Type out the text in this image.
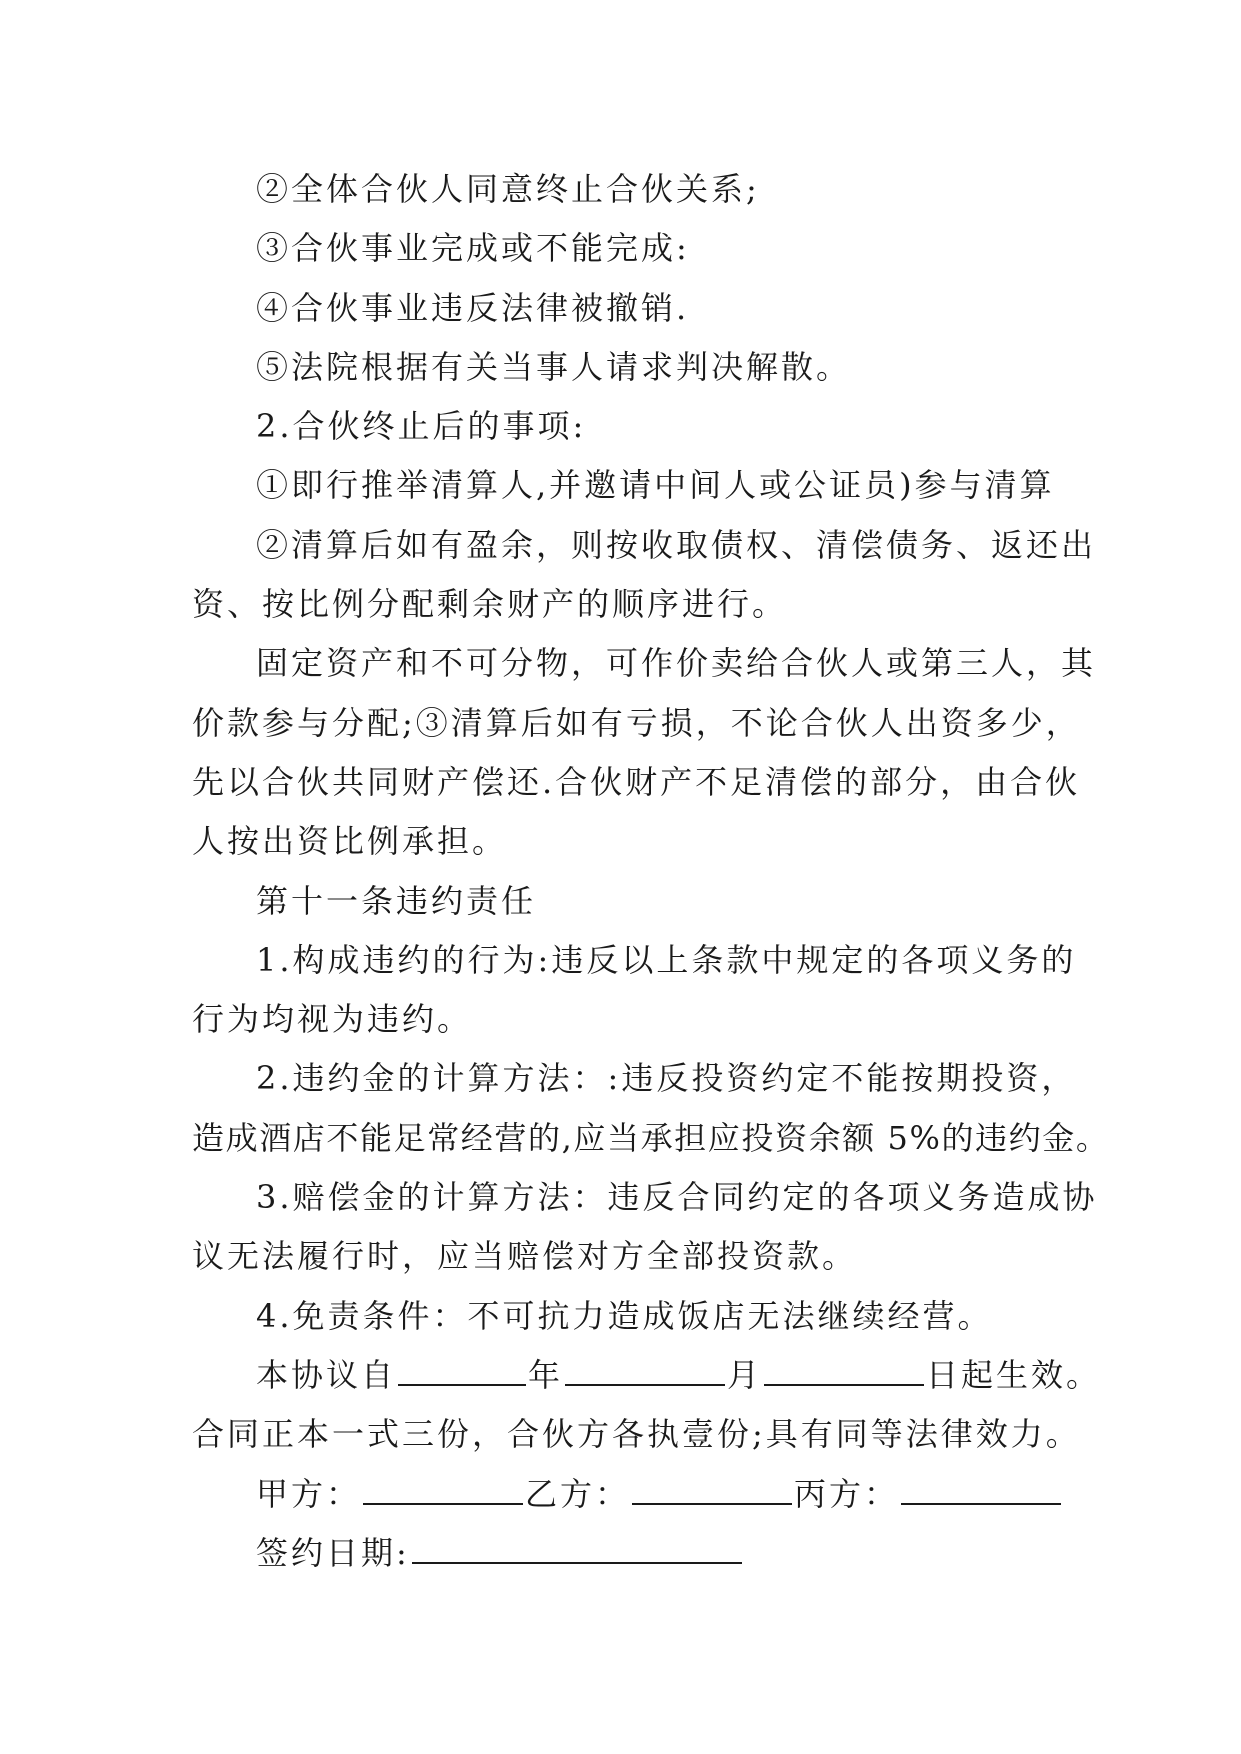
②全体合伙人同意终止合伙关系;
③合伙事业完成或不能完成:
④合伙事业违反法律被撤销.
⑤法院根据有关当事人请求判决解散。
2.合伙终止后的事项:
①即行推举清算人,并邀请中间人或公证员)参与清算
②清算后如有盈余，则按收取债权、清偿债务、返还出
资、按比例分配剩余财产的顺序进行。
固定资产和不可分物，可作价卖给合伙人或第三人，其
价款参与分配;③清算后如有亏损，不论合伙人出资多少，
先以合伙共同财产偿还.合伙财产不足清偿的部分，由合伙
人按出资比例承担。
第十一条违约责任
1.构成违约的行为:违反以上条款中规定的各项义务的
行为均视为违约。
2.违约金的计算方法：:违反投资约定不能按期投资，
造成酒店不能足常经营的,应当承担应投资余额 5%的违约金。
3.赔偿金的计算方法：违反合同约定的各项义务造成协
议无法履行时，应当赔偿对方全部投资款。
4.免责条件：不可抗力造成饭店无法继续经营。
本协议自	年	月	日起生效。
合同正本一式三份，合伙方各执壹份;具有同等法律效力。
甲方：	乙方：	丙方：
签约日期:
